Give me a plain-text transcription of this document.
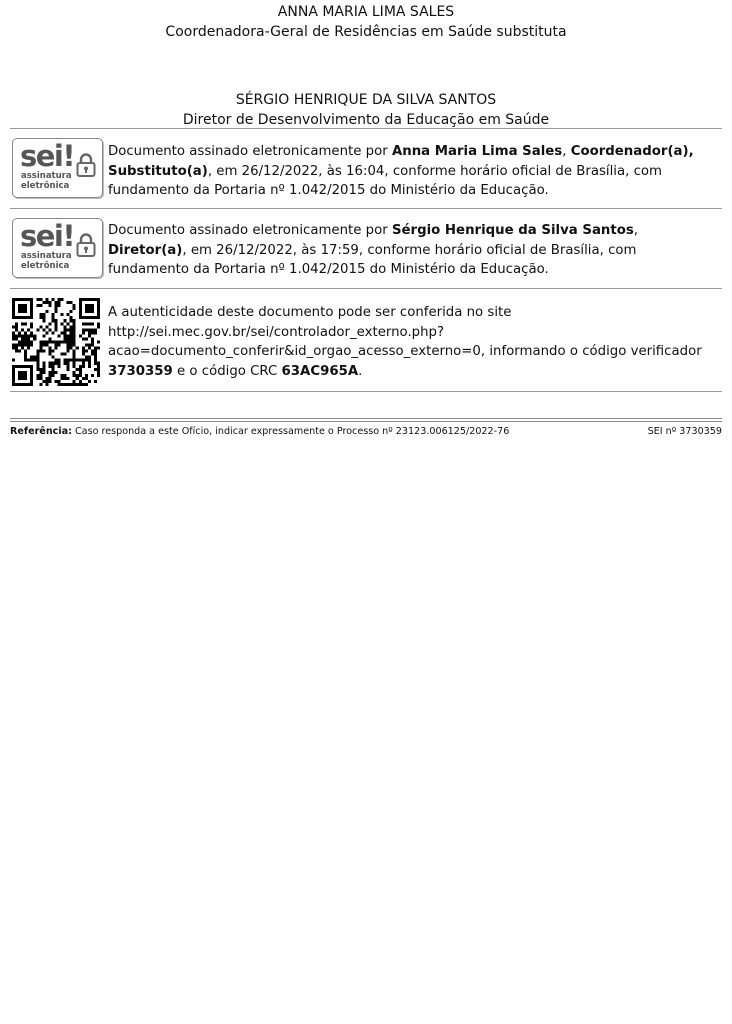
ANNA MARIA LIMA SALES
Coordenadora-Geral de Residências em Saúde substituta
SÉRGIO HENRIQUE DA SILVA SANTOS
Diretor de Desenvolvimento da Educação em Saúde
sei!
assinatura
eletrônica
Documento assinado eletronicamente por Anna Maria Lima Sales, Coordenador(a), Substituto(a), em 26/12/2022, às 16:04, conforme horário oficial de Brasília, com fundamento da Portaria nº 1.042/2015 do Ministério da Educação.
sei!
assinatura
eletrônica
Documento assinado eletronicamente por Sérgio Henrique da Silva Santos, Diretor(a), em 26/12/2022, às 17:59, conforme horário oficial de Brasília, com fundamento da Portaria nº 1.042/2015 do Ministério da Educação.
A autenticidade deste documento pode ser conferida no site
http://sei.mec.gov.br/sei/controlador_externo.php?
acao=documento_conferir&id_orgao_acesso_externo=0, informando o código verificador
3730359 e o código CRC 63AC965A.
Referência: Caso responda a este Ofício, indicar expressamente o Processo nº 23123.006125/2022-76	SEI nº 3730359
